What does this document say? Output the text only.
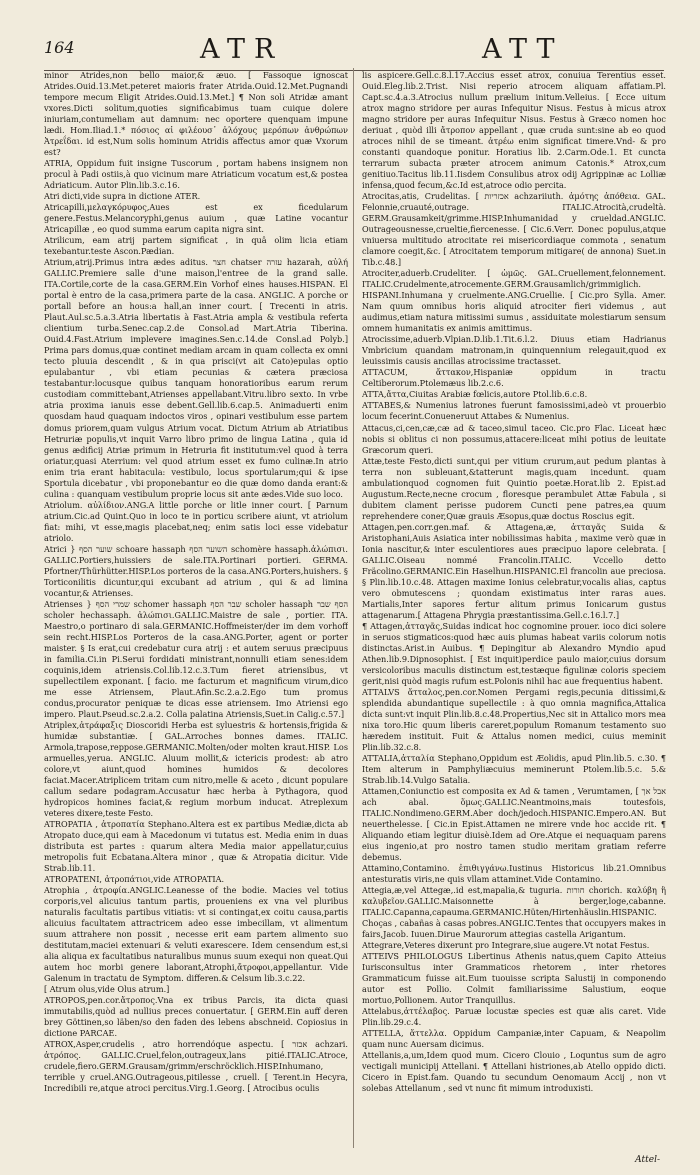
164	ATR	ATT

minor Atrides,non bello maior,& æuo. [ Fassoque ignoscat Atrides.Ouid.13.Met.peteret maioris frater Atrida.Ouid.12.Met.Pugnandi tempore mecum Eligit Atrides.Ouid.13.Met.] ¶ Non soli Atridæ amant vxores.Dicti solitum,quoties significabimus tuam cuique dolere iniuriam,contumeliam aut damnum: nec oportere quenquam impune lædi. Hom.Iliad.1.* πόσιος αἰ φιλέουσ᾽ ἀλόχους μερόπων ἀνθρώπων Ἀτρεΐδαι. id est,Num solis hominum Atridis affectus amor quæ Vxorum est?

ATRIA, Oppidum fuit insigne Tuscorum , portam habens insignem non procul à Padi ostiis,à quo vicinum mare Atriaticum vocatum est,& postea Adriaticum. Autor Plin.lib.3.c.16.

Atri dicti,vide supra in dictione ATER.

Atricapilli,μελαγκόρυφος,Aues est ex ficedularum genere.Festus.Melancoryphi,genus auium , quæ Latine vocantur Atricapillæ , eo quod summa earum capita nigra sint.

Atrilicum, eam atrij partem significat , in quâ olim licia etiam texebantur.teste Ascon.Pædian.

Atrium,atrij.Primus intra ædes aditus. חצר chatser עזרה hazarah, αὐλή GALLIC.Premiere salle d'une maison,l'entree de la grand salle. ITA.Cortile,corte de la casa.GERM.Ein Vorhof eines hauses.HISPAN. El portal è entro de la casa,primera parte de la casa. ANGLIC. A porche or portall before an hous:a hall,an inner court. [ Trecenti in atris. Plaut.Aul.sc.5.a.3.Atria libertatis à Fast.Atria ampla & vestibula referta clientium turba.Senec.cap.2.de Consol.ad Mart.Atria Tiberina. Ouid.4.Fast.Atrium implevere imagines.Sen.c.14.de Consl.ad Polyb.] Prima pars domus,quæ continet mediam arcam in quam collecta ex omni tecto pluuia descendit , & in qua prisci(vt ait Cato)epulas optio epulabantur , vbi etiam pecunias & cætera præciosa testabantur:locusque quibus tanquam honoratioribus earum rerum custodiam committebant,Atrienses appellabant.Vitru.libro sexto. In vrbe atria proxima ianuis esse debent.Gell.lib.6.cap.5. Animaduerti enim quosdam haud quaquam indoctos viros , opinari vestibulum esse partem domus priorem,quam vulgus Atrium vocat. Dictum Atrium ab Atriatibus Hetruriæ populis,vt inquit Varro libro primo de lingua Latina , quia id genus ædificij Atriæ primum in Hetruria fit institutum:vel quod à terra oriatur,quasi Aterrium: vel quod atrium esset ex fumo culinæ.In atrio enim tria erant habitacula: vestibulo, locus sportularum;qui & ipse Sportula dicebatur , vbi proponebantur eo die quæ domo danda erant:& culina : quanquam vestibulum proprie locus sit ante ædes.Vide suo loco.

Atriolum. αὐλίδιον.ANG.A little porche or litle inner court. [ Parnum atrium.Cic.ad Quint.Quo in loco te in porticu scribere aiunt, vt atriolum fiat: mihi, vt esse,magis placebat,neq; enim satis loci esse videbatur atriolo.

Atrici } שוער הסף schoare hassaph השוער הסף schomère hassaph.ἀλώπισι. GALLIC.Portiers,huissiers de sale.ITA.Portinari portieri. GERMA. Pfortner/Thürhütter.HISP.Los porteros de la casa.ANG.Porters,huishers. § Torticonilitis dicuntur,qui excubant ad atrium , qui & ad limina vocantur,& Atrienses.

Atrienses } שמרי הסף schomer hassaph שבר הסף scholer hassaph הסף שבר scholer hechassaph. ἀλώπισι.GALLIC.Maistre de sale , portier. ITA. Maestro,o portinaro di sala.GERMANIC.Hoffmeister/der im dem vorhoff sein recht.HISP.Los Porteros de la casa.ANG.Porter, agent or porter maister. § Is erat,cui credebatur cura atrij : et autem seruus præcipuus in familia.Ci.in Pi.Serui fordidati ministrant,nonnulli etiam senes:idem coquinis,idem atriensis.Col.lib.12.c.3.Tum fieret atriensibus, vt supellectilem exponant. [ facio. me facturum et magnificum virum,dico me esse Atriensem, Plaut.Afin.Sc.2.a.2.Ego tum promus condus,procurator peniquæ te dicas esse atriensem. Imo Atriensi ego impero. Plaut.Pseud.sc.2.a.2. Colla palatina Atriensis,Suet.in Calig.c.57.]

Atriplex,ἀτράφαξις Dioscoridi Herba est syluestris & hortensis,frigida & humidæ substantiæ. [ GAL.Arroches bonnes dames. ITALIC. Armola,trapose,reppose.GERMANIC.Molten/oder molten kraut.HISP. Los armuelles,yerua. ANGLIC. Aluum mollit,& ictericis prodest: ab atro colore,vt aiunt,quod homines humidos & decolores faciat.Macer.Atriplicem tritam cum nitro,melle & aceto , dicunt populare callum sedare podagram.Accusatur hæc herba à Pythagora, quod hydropicos homines faciat,& regium morbum inducat. Atreplexum veteres dixere,teste Festo.

ATROPATIA , ἀτροπατία Stephano.Altera est ex partibus Mediæ,dicta ab Atropato duce,qui eam à Macedonum vi tutatus est. Media enim in duas distributa est partes : quarum altera Media maior appellatur,cuius metropolis fuit Ecbatana.Altera minor , quæ & Atropatia dicitur. Vide Strab.lib.11.

ATROPATENI, ἀτροπάτιοι,vide ATROPATIA.

Atrophia , ἀτροφία.ANGLIC.Leanesse of the bodie. Macies vel totius corporis,vel alicuius tantum partis, proueniens ex vna vel pluribus naturalis facultatis partibus vitiatis: vt si contingat,ex coitu causa,partis alicuius facultatem attractricem adeo esse imbecillam, vt alimentum suum attrahere non possit , necesse erit eam partem alimento suo destitutam,maciei extenuari & veluti exarescere. Idem censendum est,si alia aliqua ex facultatibus naturalibus munus suum exequi non queat.Qui autem hoc morbi genere laborant,Atrophi,ἄτροφοι,appellantur. Vide Galenum in tractatu de Symptom. differen.& Celsum lib.3.c.22.

[ Atrum olus,vide Olus atrum.]

ATROPOS,pen.cor.ἄτροπος.Vna ex tribus Parcis, ita dicta quasi immutabilis,quòd ad nullius preces conuertatur. [ GERM.Ein auff deren brey Göttinen,so läben/so den faden des lebens abschneid. Copiosius in dictione PARCAE.

ATROX,Asper,crudelis , atro horrendóque aspectu. [ אכזר achzari. ἀτρόπος. GALLIC.Cruel,felon,outrageux,lans pitié.ITALIC.Atroce, crudele,fiero.GERM.Grausam/grimm/erschröcklich.HISP.Inhumano, terrible y cruel.ANG.Outrageous,pitilesse , cruell. [ Terent.in Hecyra, Incredibili re,atque atroci percitus.Virg.1.Georg. [ Atrocibus oculis

lis aspicere.Gell.c.8.l.17.Accius esset atrox, conuiua Terentius esset. Ouid.Eleg.lib.2.Trist. Nisi reperio atrocem aliquam affatiam.Pl. Capt.sc.4.a.3.Atrocius nullum prælium initum.Velleius. [ Ecce uitum atrox magno stridore per auras Infequitur Nisus. Festus à micus atrox magno stridore per auras Infequitur Nisus. Festus à Græco nomen hoc deriuat , quòd illi ἄτροπον appellant , quæ cruda sunt:sine ab eo quod atroces nihil de se timeant. ἀτρέω enim significat timere.Vnd- & pro constanti quandoque ponitur. Horatius lib. 2.Carm.Ode.1. Et cuncta terrarum subacta præter atrocem animum Catonis.* Atrox,cum genitiuo.Tacitus lib.11.Iisdem Consulibus atrox odij Agrippinæ ac Lolliæ infensa,quod fecum,&c.Id est,atroce odio percita.

Atrocitas,atis, Crudelitas. [ אכזריות achzariiuth. ἀμότης ἀπόθεια. GAL. Felonnie,cruauté,outrage. ITALIC.Atrocità,crudeltà. GERM.Grausamkeit/grimme.HISP.Inhumanidad y crueldad.ANGLIC. Outrageousnesse,crueltie,fiercenesse. [ Cic.6.Verr. Donec populus,atque vniuersa multitudo atrocitate rei misericordiaque commota , senatum clamore coegit,&c. [ Atrocitatem temporum mitigare( de annona) Suet.in Tib.c.48.]

Atrociter,aduerb.Crudeliter. [ ὠμῶς. GAL.Cruellement,felonnement. ITALIC.Crudelmente,atrocemente.GERM.Grausamlich/grimmiglich. HISPANI.Inhumana y cruelmente.ANG.Cruellie. [ Cic.pro Sylla. Amer. Nam quum omnibus horis aliquid atrociter fieri videmus , aut audimus,etiam natura mitissimi sumus , assiduitate molestiarum sensum omnem humanitatis ex animis amittimus.

Atrocissime,aduerb.Vlpian.D.lib.1.Tit.6.l.2. Diuus etiam Hadrianus Vmbricium quandam matronam,in quinquennium relegauit,quod ex leuissimis causis ancillas atrocissime tractasset.

ATTACUM, ἄττακον,Hispaniæ oppidum in tractu Celtiberorum.Ptolemæus lib.2.c.6.

ATTA,ἄττα,Ciuitas Arabiæ fœlicis,autore Ptol.lib.6.c.8.

ATTABES,& Numenius latrones fuerunt famosissimi,adeò vt prouerbio locum fecerint.Conueneruut Attabes & Numenius.

Attacus,ci,cen,cæ,cæ ad & taceo,simul taceo. Cic.pro Flac. Liceat hæc nobis si oblitus ci non possumus,attacere:liceat mihi potius de leuitate Græcorum queri.

Attæ,teste Festo,dicti sunt,qui per vitium crurum,aut pedum plantas à terra non subleuant,&tatterunt magis,quam incedunt. quam ambulationquod cognomen fuit Quintio poetæ.Horat.lib 2. Epist.ad Augustum.Recte,necne crocum , floresque perambulet Attæ Fabula , si dubitem clament perisse pudorem Cuncti pene patres,ea quum reprehendere coner,Quæ grauis Æsopus,quæ doctus Roscius egit.

Attagen,pen.corr.gen.maf. & Attagena,æ, ἀτταγᾶς Suida & Aristophani,Auis Asiatica inter nobilissimas habita , maxime verò quæ in Ionia nascitur,& inter esculentiores aues præcipuo lapore celebrata. [ GALLIC.Oiseau nommé Francolin.ITALIC. Vccello detto Fräcolino.GERMANIC.Ein Haselhun.HISPANIC.El francolin aue preciosa. § Plin.lib.10.c.48. Attagen maxime Ionius celebratur,vocalis alias, captus vero obmutescens ; quondam existimatus inter raras aues. Martialis,Inter sapores fertur alitum primus Ionicarum gustus attagenarum.[ Attagena Phrygia præstantissima.Gell.c.16.l.7.]

¶ Attagen,ἀτταγᾶς,Suidas indicat hoc cognomine prouer. ioco dici solere in seruos stigmaticos:quod hæc auis plumas habeat variis colorum notis distinctas.Arist.in Auibus. ¶ Depingitur ab Alexandro Myndio apud Athen.lib.9.Dipnosophist. [ Est inquit)perdice paulo maior,cuius dorsum versicoloribus maculis distinctum est,testæque figulinæ coloris speciem gerit,nisi quòd magis rufum est.Polonis nihil hac aue frequentius habent.

ATTALVS ἄτταλος,pen.cor.Nomen Pergami regis,pecunia ditissimi,& splendida abundantique supellectile : à quo omnia magnifica,Attalica dicta sunt:vt inquit Plin.lib.8.c.48.Propertius,Nec sit in Attalico mors mea nixa toro.Hic quum liberis careret,populum Romanum testamento suo hæredem instituit. Fuit & Attalus nomen medici, cuius meminit Plin.lib.32.c.8.

ATTALIA,ἀτταλία Stephano,Oppidum est Æolidis, apud Plin.lib.5. c.30. ¶ Item alterum in Pamphyliæcuius meminerunt Ptolem.lib.5.c. 5.& Strab.lib.14.Vulgo Satalia.

Attamen,Coniunctio est composita ex Ad & tamen , Verumtamen, [ אבל אך ach abal. ὅμως.GALLIC.Neantmoins,mais toutesfois, ITALIC.Nondimeno.GERM.Aber doch/jedoch.HISPANIC.Empero.AN. But neuerthelesse. [ Cic.in Epist.Attamen ne mirere vnde hoc accide rit. ¶ Aliquando etiam legitur diuisè.Idem ad Ore.Atque ei nequaquam parens eius ingenio,at pro nostro tamen studio meritam gratiam referre debemus.

Attamino,Contamino. ἐπιθιγγάνω.Iustinus Historicus lib.21.Omnibus antesturatis viris,ne quis vllam attaminet.Vide Contamino.

Attegia,æ,vel Attegæ,.id est,mapalia,& tuguria. חורות chorich. καλύβη ἢ καλυβεῖον.GALLIC.Maisonnette à berger,loge,cabanne. ITALIC.Capanna,capauma.GERMANIC.Hüten/Hirtenhäuslin.HISPANIC. Choças , cabañas à casas pobres.ANGLIC.Tentes that occupyers makes in fairs,Jacob. Iuuen.Dirue Maurorum attegias castella Arigantum.

Attegrare,Veteres dixerunt pro Integrare,siue augere.Vt notat Festus.

ATTEIVS PHILOLOGUS Libertinus Athenis natus,quem Capito Atteius Iurisconsultus inter Grammaticos rhetorem , inter rhetores Grammaticum fuisse ait.Eum tuouisse scripta Salustij in componendo autor est Pollio. Colmit familiarissime Salustium, eoque mortuo,Pollionem. Autor Tranquillus.

Attelabus,ἀττέλαβος. Paruæ locustæ species est quæ alis caret. Vide Plin.lib.29.c.4.

ATTELLA, ἄττελλα. Oppidum Campaniæ,inter Capuam, & Neapolim quam nunc Auersam dicimus.

Attellanis,a,um,Idem quod mum. Cicero Clouio , Loquntus sum de agro vectigali municipij Attellani. ¶ Attellani histriones,ab Atello oppido dicti. Cicero in Epist.fam. Quando tu secundum Oenomaum Accij , non vt solebas Attellanum , sed vt nunc fit mimum introduxisti.

Attel-
